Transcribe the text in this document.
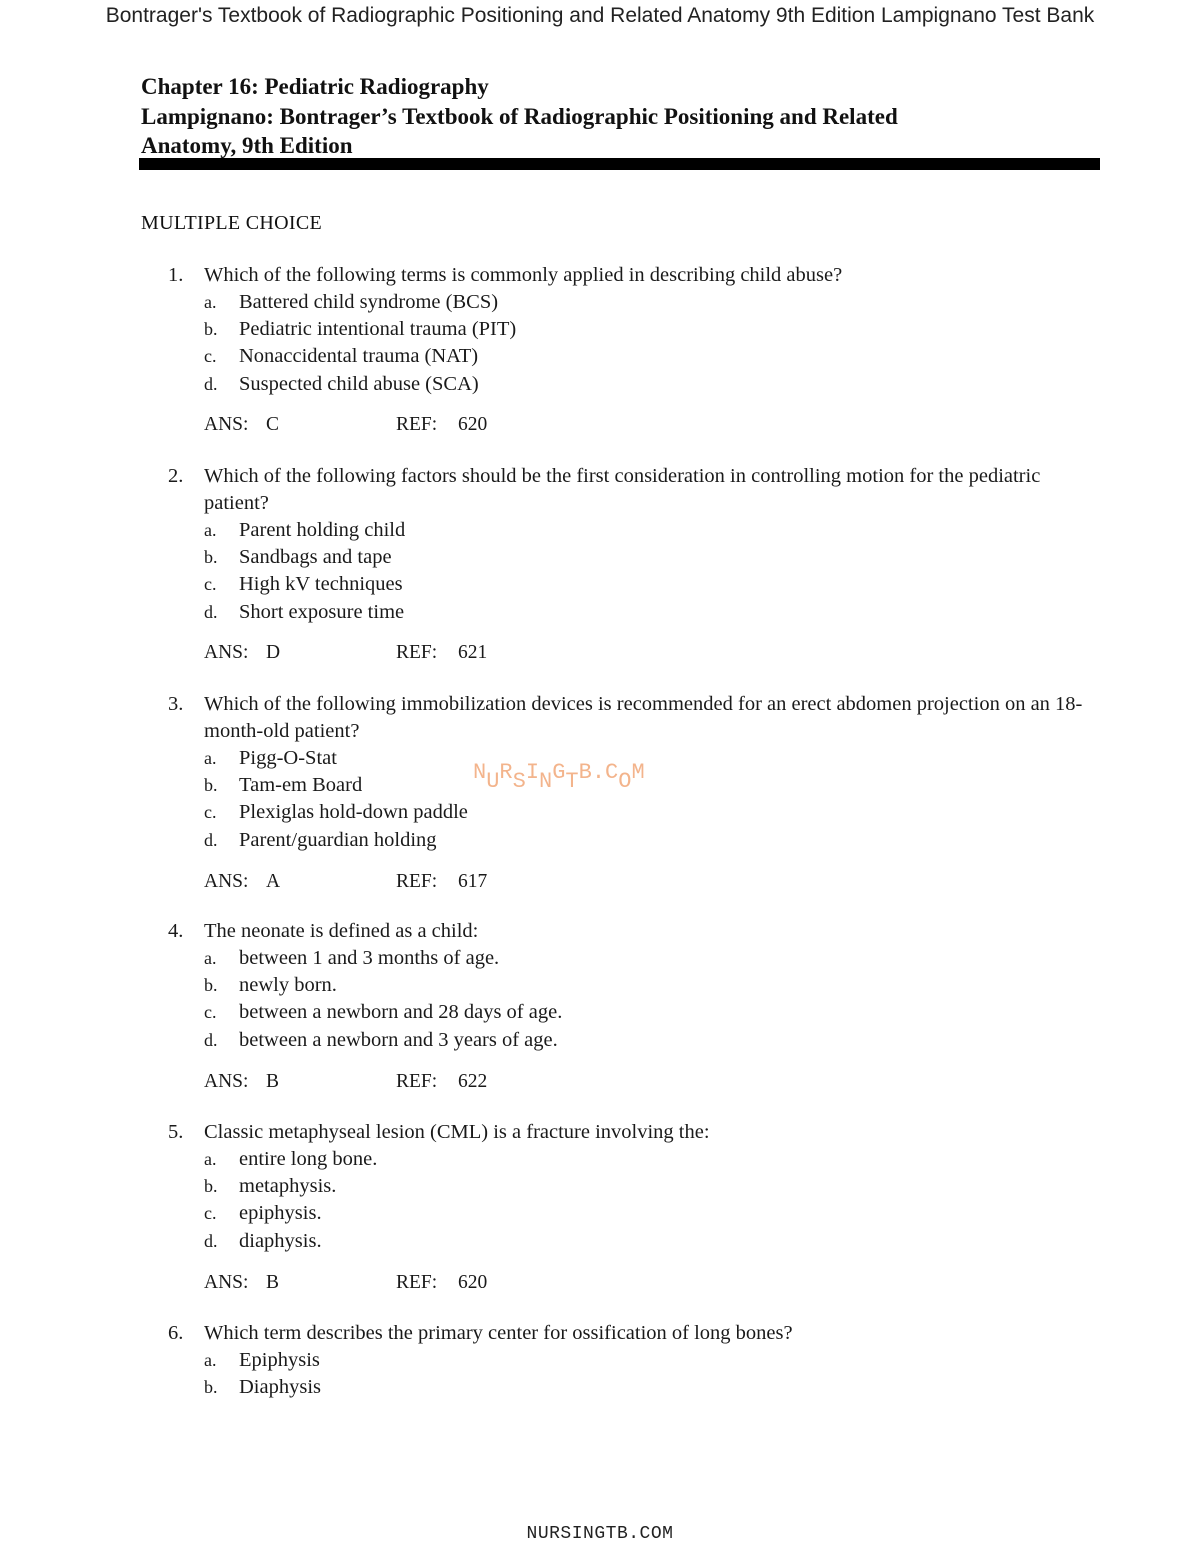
Bontrager's Textbook of Radiographic Positioning and Related Anatomy 9th Edition Lampignano Test Bank
Chapter 16: Pediatric Radiography
Lampignano: Bontrager’s Textbook of Radiographic Positioning and Related
Anatomy, 9th Edition
MULTIPLE CHOICE
1.	Which of the following terms is commonly applied in describing child abuse?
a.	Battered child syndrome (BCS)
b.	Pediatric intentional trauma (PIT)
c.	Nonaccidental trauma (NAT)
d.	Suspected child abuse (SCA)
ANS: C	REF: 620
2.	Which of the following factors should be the first consideration in controlling motion for the pediatric patient?
a.	Parent holding child
b.	Sandbags and tape
c.	High kV techniques
d.	Short exposure time
ANS: D	REF: 621
3.	Which of the following immobilization devices is recommended for an erect abdomen projection on an 18-month-old patient?
a.	Pigg-O-Stat
b.	Tam-em Board
c.	Plexiglas hold-down paddle
d.	Parent/guardian holding
ANS: A	REF: 617
4.	The neonate is defined as a child:
a.	between 1 and 3 months of age.
b.	newly born.
c.	between a newborn and 28 days of age.
d.	between a newborn and 3 years of age.
ANS: B	REF: 622
5.	Classic metaphyseal lesion (CML) is a fracture involving the:
a.	entire long bone.
b.	metaphysis.
c.	epiphysis.
d.	diaphysis.
ANS: B	REF: 620
6.	Which term describes the primary center for ossification of long bones?
a.	Epiphysis
b.	Diaphysis
NURSINGTB.COM
NURSINGTB.COM
